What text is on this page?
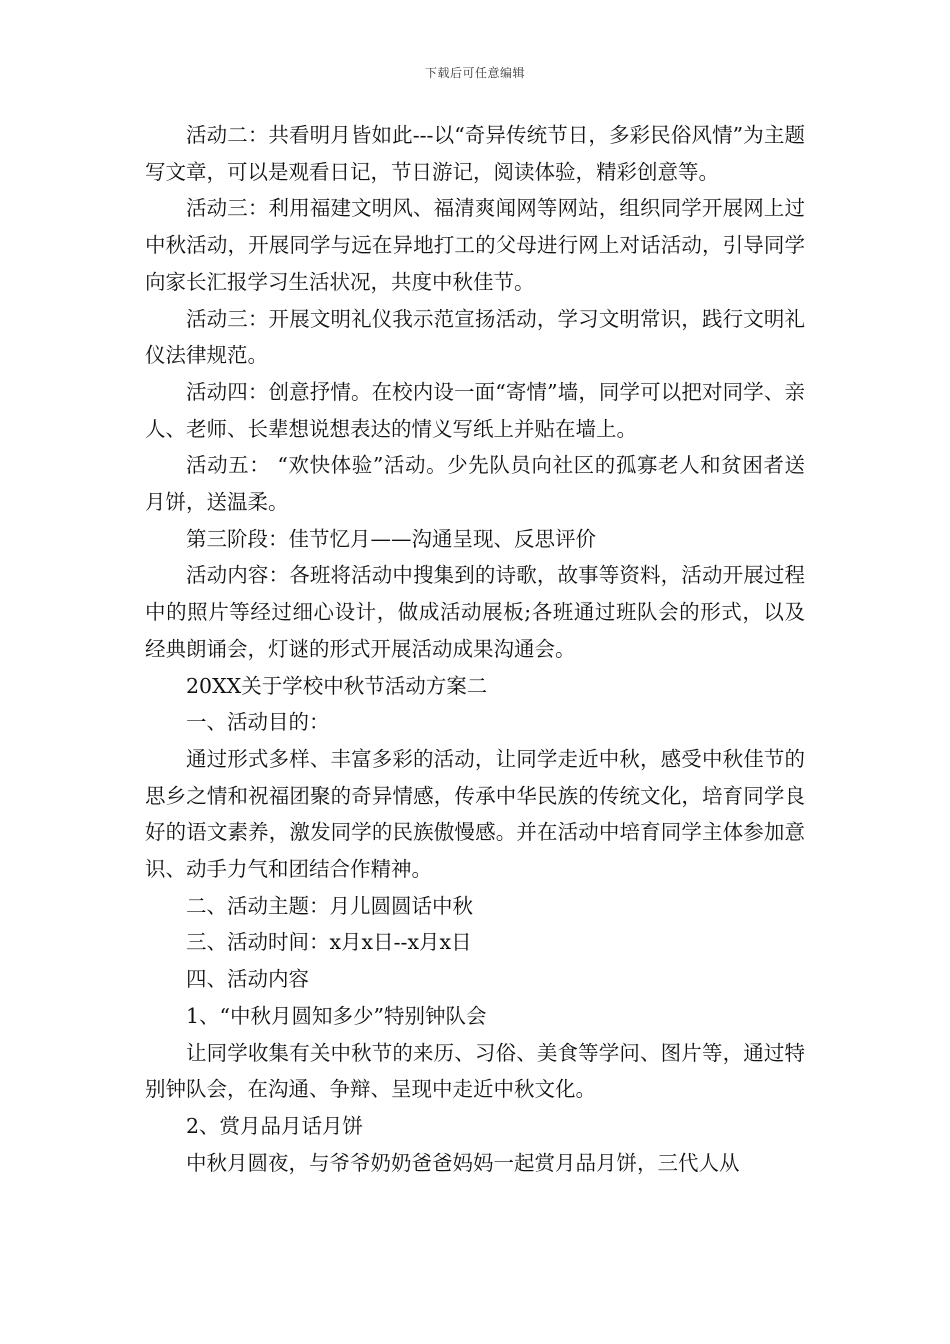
下载后可任意编辑

活动二：共看明月皆如此---以“奇异传统节日，多彩民俗风情”为主题写文章，可以是观看日记，节日游记，阅读体验，精彩创意等。

活动三：利用福建文明风、福清爽闻网等网站，组织同学开展网上过中秋活动，开展同学与远在异地打工的父母进行网上对话活动，引导同学向家长汇报学习生活状况，共度中秋佳节。

活动三：开展文明礼仪我示范宣扬活动，学习文明常识，践行文明礼仪法律规范。

活动四：创意抒情。在校内设一面“寄情”墙，同学可以把对同学、亲人、老师、长辈想说想表达的情义写纸上并贴在墙上。

活动五： “欢快体验”活动。少先队员向社区的孤寡老人和贫困者送月饼，送温柔。

第三阶段：佳节忆月——沟通呈现、反思评价

活动内容：各班将活动中搜集到的诗歌，故事等资料，活动开展过程中的照片等经过细心设计，做成活动展板;各班通过班队会的形式，以及经典朗诵会，灯谜的形式开展活动成果沟通会。

20XX关于学校中秋节活动方案二

一、活动目的：

通过形式多样、丰富多彩的活动，让同学走近中秋，感受中秋佳节的思乡之情和祝福团聚的奇异情感，传承中华民族的传统文化，培育同学良好的语文素养，激发同学的民族傲慢感。并在活动中培育同学主体参加意识、动手力气和团结合作精神。

二、活动主题：月儿圆圆话中秋

三、活动时间：x月x日--x月x日

四、活动内容

1、“中秋月圆知多少”特别钟队会

让同学收集有关中秋节的来历、习俗、美食等学问、图片等，通过特别钟队会，在沟通、争辩、呈现中走近中秋文化。

2、赏月品月话月饼

中秋月圆夜，与爷爷奶奶爸爸妈妈一起赏月品月饼，三代人从
